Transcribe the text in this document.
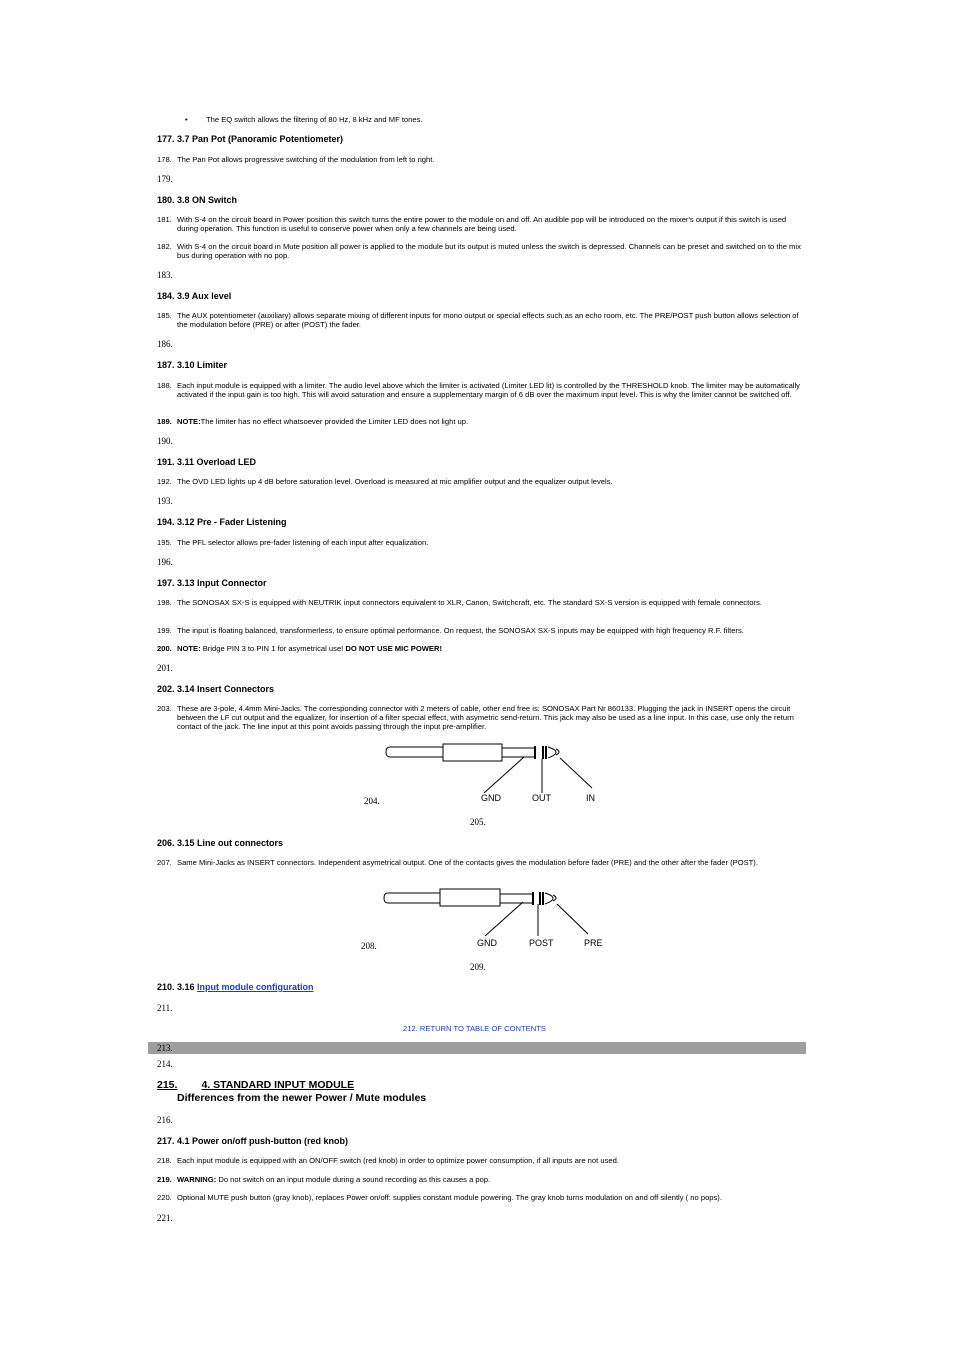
• The EQ switch allows the filtering of 80 Hz, 8 kHz and MF tones.
177. 3.7 Pan Pot (Panoramic Potentiometer)
178. The Pan Pot allows progressive switching of the modulation from left to right.
179.
180. 3.8 ON Switch
181. With S-4 on the circuit board in Power position this switch turns the entire power to the module on and off. An audible pop will be introduced on the mixer's output if this switch is used during operation. This function is useful to conserve power when only a few channels are being used.
182. With S-4 on the circuit board in Mute position all power is applied to the module but its output is muted unless the switch is depressed. Channels can be preset and switched on to the mix bus during operation with no pop.
183.
184. 3.9 Aux level
185. The AUX potentiometer (auxiliary) allows separate mixing of different inputs for mono output or special effects such as an echo room, etc. The PRE/POST push button allows selection of the modulation before (PRE) or after (POST) the fader.
186.
187. 3.10 Limiter
188. Each input module is equipped with a limiter. The audio level above which the limiter is activated (Limiter LED lit) is controlled by the THRESHOLD knob. The limiter may be automatically activated if the input gain is too high. This will avoid saturation and ensure a supplementary margin of 6 dB over the maximum input level. This is why the limiter cannot be switched off.
189. NOTE:The limiter has no effect whatsoever provided the Limiter LED does not light up.
190.
191. 3.11 Overload LED
192. The OVD LED lights up 4 dB before saturation level. Overload is measured at mic amplifier output and the equalizer output levels.
193.
194. 3.12 Pre - Fader Listening
195. The PFL selector allows pre-fader listening of each input after equalization.
196.
197. 3.13 Input Connector
198. The SONOSAX SX-S is equipped with NEUTRIK input connectors equivalent to XLR, Canon, Switchcraft, etc. The standard SX-S version is equipped with female connectors.
199. The input is floating balanced, transformerless, to ensure optimal performance. On request, the SONOSAX SX-S inputs may be equipped with high frequency R.F. filters.
200. NOTE: Bridge PIN 3 to PIN 1 for asymetrical use! DO NOT USE MIC POWER!
201.
202. 3.14 Insert Connectors
203. These are 3-pole, 4.4mm Mini-Jacks. The corresponding connector with 2 meters of cable, other end free is: SONOSAX Part Nr 860133. Plugging the jack in INSERT opens the circuit between the LF cut output and the equalizer, for insertion of a filter special effect, with asymetric send-return. This jack may also be used as a line input. In this case, use only the return contact of the jack. The line input at this point avoids passing through the input pre-amplifier.
GND	OUT	IN
204.
205.
206. 3.15 Line out connectors
207. Same Mini-Jacks as INSERT connectors. Independent asymetrical output. One of the contacts gives the modulation before fader (PRE) and the other after the fader (POST).
GND	POST	PRE
208.
209.
210. 3.16 Input module configuration
211.
212. RETURN TO TABLE OF CONTENTS
213.
214.
215. 4. STANDARD INPUT MODULE
Differences from the newer Power / Mute modules
216.
217. 4.1 Power on/off push-button (red knob)
218. Each input module is equipped with an ON/OFF switch (red knob) in order to optimize power consumption, if all inputs are not used.
219. WARNING: Do not switch on an input module during a sound recording as this causes a pop.
220. Optional MUTE push button (gray knob), replaces Power on/off: supplies constant module powering. The gray knob turns modulation on and off silently ( no pops).
221.
